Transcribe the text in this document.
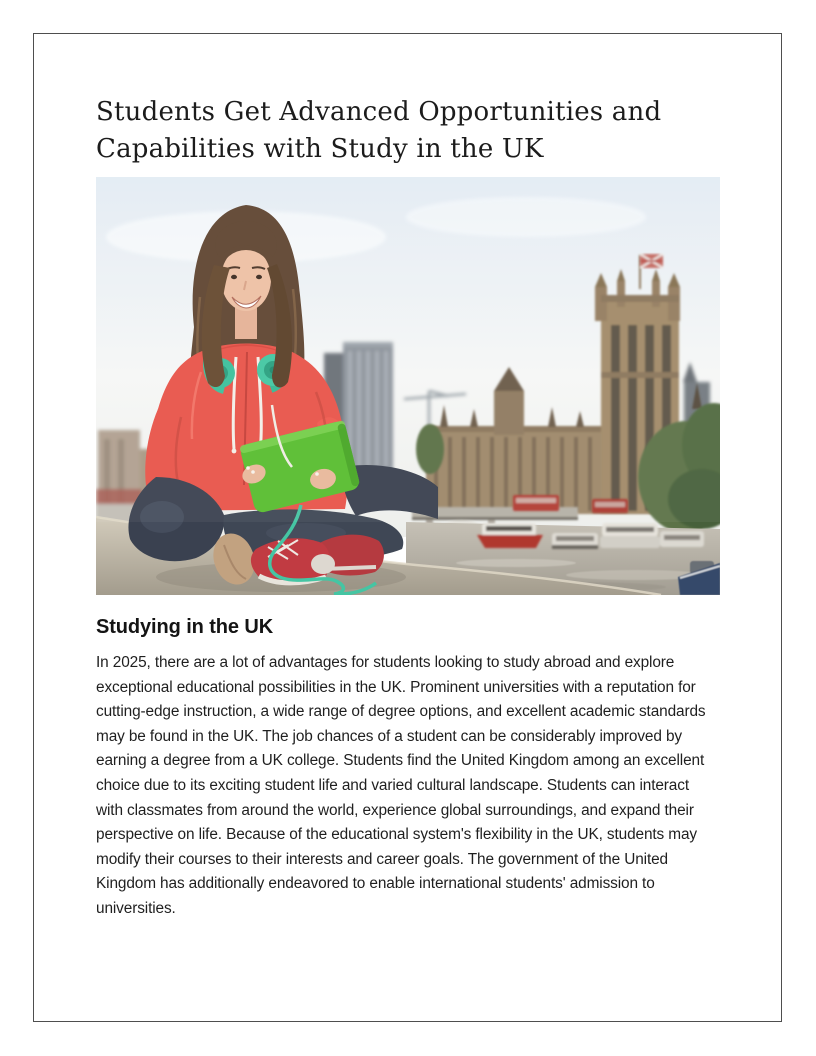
Students Get Advanced Opportunities and Capabilities with Study in the UK
Studying in the UK

In 2025, there are a lot of advantages for students looking to study abroad and explore exceptional educational possibilities in the UK. Prominent universities with a reputation for cutting-edge instruction, a wide range of degree options, and excellent academic standards may be found in the UK. The job chances of a student can be considerably improved by earning a degree from a UK college. Students find the United Kingdom among an excellent choice due to its exciting student life and varied cultural landscape. Students can interact with classmates from around the world, experience global surroundings, and expand their perspective on life. Because of the educational system's flexibility in the UK, students may modify their courses to their interests and career goals. The government of the United Kingdom has additionally endeavored to enable international students' admission to universities.
